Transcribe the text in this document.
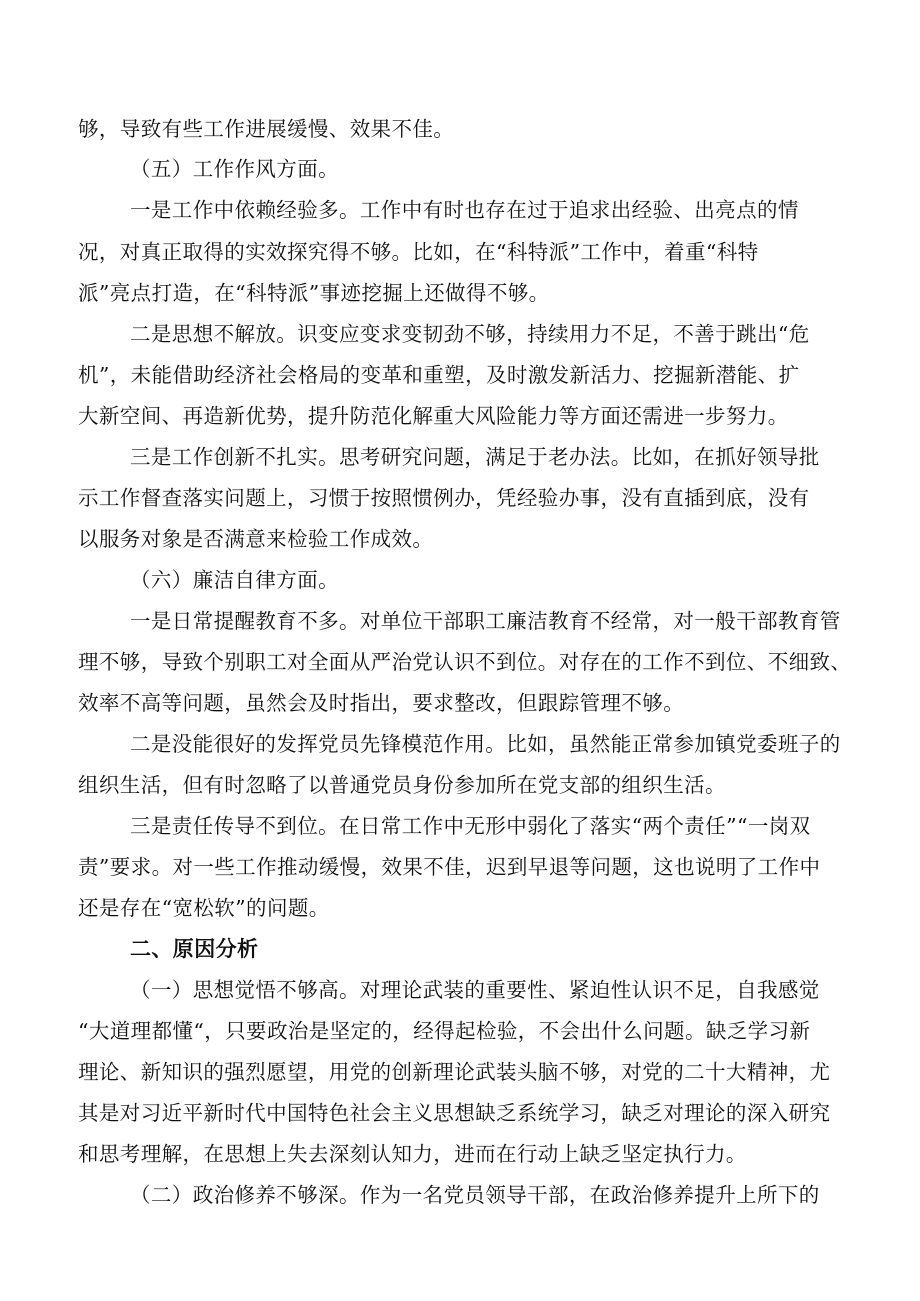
够，导致有些工作进展缓慢、效果不佳。
（五）工作作风方面。
一是工作中依赖经验多。工作中有时也存在过于追求出经验、出亮点的情
况，对真正取得的实效探究得不够。比如，在“科特派”工作中，着重“科特
派”亮点打造，在“科特派”事迹挖掘上还做得不够。
二是思想不解放。识变应变求变韧劲不够，持续用力不足，不善于跳出“危
机”，未能借助经济社会格局的变革和重塑，及时激发新活力、挖掘新潜能、扩
大新空间、再造新优势，提升防范化解重大风险能力等方面还需进一步努力。
三是工作创新不扎实。思考研究问题，满足于老办法。比如，在抓好领导批
示工作督查落实问题上，习惯于按照惯例办，凭经验办事，没有直插到底，没有
以服务对象是否满意来检验工作成效。
（六）廉洁自律方面。
一是日常提醒教育不多。对单位干部职工廉洁教育不经常，对一般干部教育管
理不够，导致个别职工对全面从严治党认识不到位。对存在的工作不到位、不细致、
效率不高等问题，虽然会及时指出，要求整改，但跟踪管理不够。
二是没能很好的发挥党员先锋模范作用。比如，虽然能正常参加镇党委班子的
组织生活，但有时忽略了以普通党员身份参加所在党支部的组织生活。
三是责任传导不到位。在日常工作中无形中弱化了落实“两个责任”“一岗双
责”要求。对一些工作推动缓慢，效果不佳，迟到早退等问题，这也说明了工作中
还是存在“宽松软”的问题。
二、原因分析
（一）思想觉悟不够高。对理论武装的重要性、紧迫性认识不足，自我感觉
“大道理都懂“，只要政治是坚定的，经得起检验，不会出什么问题。缺乏学习新
理论、新知识的强烈愿望，用党的创新理论武装头脑不够，对党的二十大精神，尤
其是对习近平新时代中国特色社会主义思想缺乏系统学习，缺乏对理论的深入研究
和思考理解，在思想上失去深刻认知力，进而在行动上缺乏坚定执行力。
（二）政治修养不够深。作为一名党员领导干部，在政治修养提升上所下的
